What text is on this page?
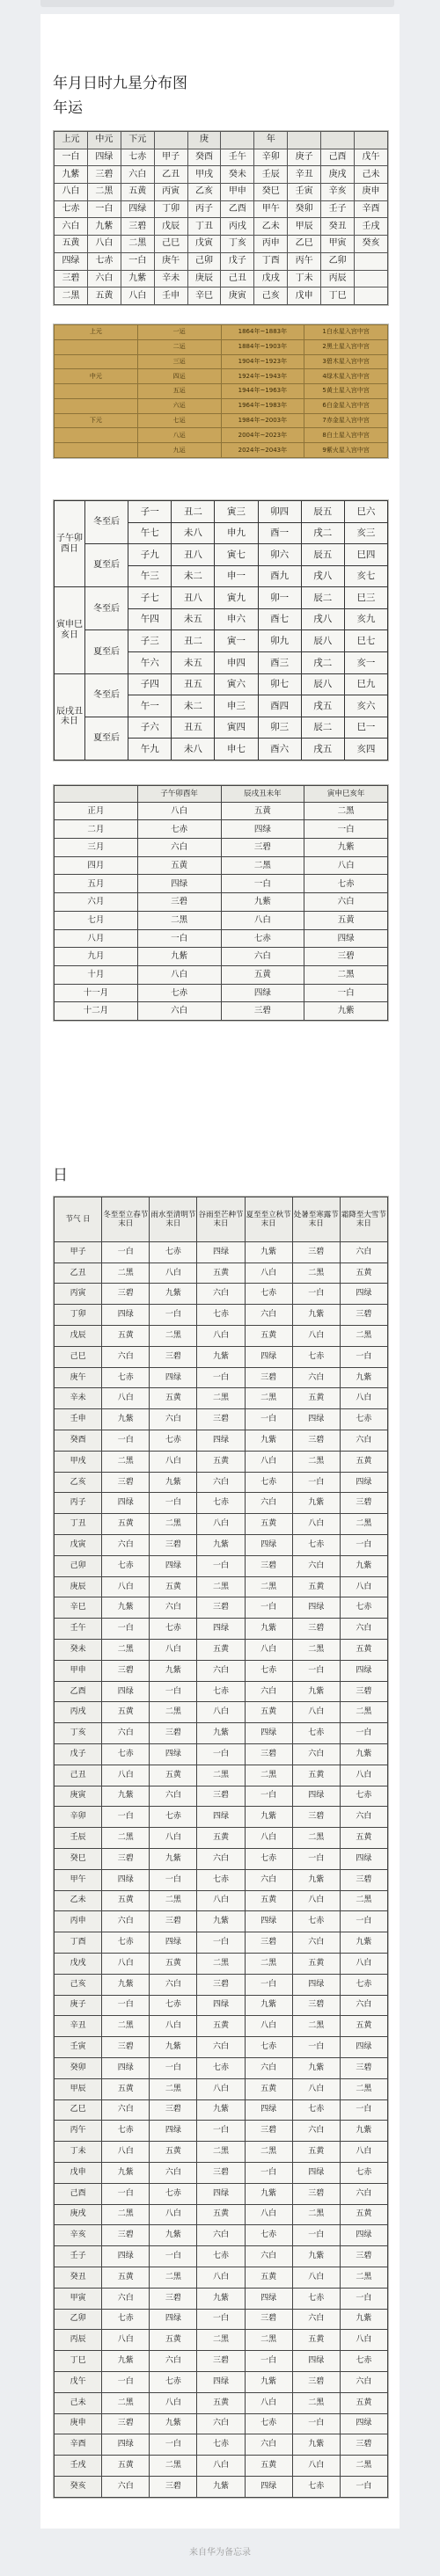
年月日时九星分布图
年运
上元	中元	下元		庚		年			
一白	四绿	七赤	甲子	癸酉	壬午	辛卯	庚子	己酉	戊午
九紫	三碧	六白	乙丑	甲戌	癸未	壬辰	辛丑	庚戌	己未
八白	二黑	五黄	丙寅	乙亥	甲申	癸巳	壬寅	辛亥	庚申
七赤	一白	四绿	丁卯	丙子	乙酉	甲午	癸卯	壬子	辛酉
六白	九紫	三碧	戊辰	丁丑	丙戌	乙未	甲辰	癸丑	壬戌
五黄	八白	二黑	己巳	戊寅	丁亥	丙申	乙巳	甲寅	癸亥
四绿	七赤	一白	庚午	己卯	戊子	丁酉	丙午	乙卯	
三碧	六白	九紫	辛未	庚辰	己丑	戊戌	丁未	丙辰	
二黑	五黄	八白	壬申	辛巳	庚寅	己亥	戊申	丁巳	
上元	一运	1864年~1883年	1白水星入宫中宫
	二运	1884年~1903年	2黑土星入宫中宫
	三运	1904年~1923年	3碧木星入宫中宫
中元	四运	1924年~1943年	4绿木星入宫中宫
	五运	1944年~1963年	5黄土星入宫中宫
	六运	1964年~1983年	6白金星入宫中宫
下元	七运	1984年~2003年	7赤金星入宫中宫
	八运	2004年~2023年	8白土星入宫中宫
	九运	2024年~2043年	9紫火星入宫中宫
子午卯酉日	冬至后	子一	丑二	寅三	卯四	辰五	巳六
		午七	未八	申九	酉一	戌二	亥三
	夏至后	子九	丑八	寅七	卯六	辰五	巳四
		午三	未二	申一	酉九	戌八	亥七
寅申巳亥日	冬至后	子七	丑八	寅九	卯一	辰二	巳三
		午四	未五	申六	酉七	戌八	亥九
	夏至后	子三	丑二	寅一	卯九	辰八	巳七
		午六	未五	申四	酉三	戌二	亥一
辰戌丑未日	冬至后	子四	丑五	寅六	卯七	辰八	巳九
		午一	未二	申三	酉四	戌五	亥六
	夏至后	子六	丑五	寅四	卯三	辰二	巳一
		午九	未八	申七	酉六	戌五	亥四
	子午卯酉年	辰戌丑未年	寅申巳亥年
正月	八白	五黄	二黑
二月	七赤	四绿	一白
三月	六白	三碧	九紫
四月	五黄	二黑	八白
五月	四绿	一白	七赤
六月	三碧	九紫	六白
七月	二黑	八白	五黄
八月	一白	七赤	四绿
九月	九紫	六白	三碧
十月	八白	五黄	二黑
十一月	七赤	四绿	一白
十二月	六白	三碧	九紫
日
节气 日	冬至至立春节末日	雨水至清明节末日	谷雨至芒种节末日	夏至至立秋节末日	处暑至寒露节末日	霜降至大雪节末日
甲子	一白	七赤	四绿	九紫	三碧	六白
乙丑	二黑	八白	五黄	八白	二黑	五黄
丙寅	三碧	九紫	六白	七赤	一白	四绿
丁卯	四绿	一白	七赤	六白	九紫	三碧
戊辰	五黄	二黑	八白	五黄	八白	二黑
己巳	六白	三碧	九紫	四绿	七赤	一白
庚午	七赤	四绿	一白	三碧	六白	九紫
辛未	八白	五黄	二黑	二黑	五黄	八白
壬申	九紫	六白	三碧	一白	四绿	七赤
癸酉	一白	七赤	四绿	九紫	三碧	六白
甲戌	二黑	八白	五黄	八白	二黑	五黄
乙亥	三碧	九紫	六白	七赤	一白	四绿
丙子	四绿	一白	七赤	六白	九紫	三碧
丁丑	五黄	二黑	八白	五黄	八白	二黑
戊寅	六白	三碧	九紫	四绿	七赤	一白
己卯	七赤	四绿	一白	三碧	六白	九紫
庚辰	八白	五黄	二黑	二黑	五黄	八白
辛巳	九紫	六白	三碧	一白	四绿	七赤
壬午	一白	七赤	四绿	九紫	三碧	六白
癸未	二黑	八白	五黄	八白	二黑	五黄
甲申	三碧	九紫	六白	七赤	一白	四绿
乙酉	四绿	一白	七赤	六白	九紫	三碧
丙戌	五黄	二黑	八白	五黄	八白	二黑
丁亥	六白	三碧	九紫	四绿	七赤	一白
戊子	七赤	四绿	一白	三碧	六白	九紫
己丑	八白	五黄	二黑	二黑	五黄	八白
庚寅	九紫	六白	三碧	一白	四绿	七赤
辛卯	一白	七赤	四绿	九紫	三碧	六白
壬辰	二黑	八白	五黄	八白	二黑	五黄
癸巳	三碧	九紫	六白	七赤	一白	四绿
甲午	四绿	一白	七赤	六白	九紫	三碧
乙未	五黄	二黑	八白	五黄	八白	二黑
丙申	六白	三碧	九紫	四绿	七赤	一白
丁酉	七赤	四绿	一白	三碧	六白	九紫
戊戌	八白	五黄	二黑	二黑	五黄	八白
己亥	九紫	六白	三碧	一白	四绿	七赤
庚子	一白	七赤	四绿	九紫	三碧	六白
辛丑	二黑	八白	五黄	八白	二黑	五黄
壬寅	三碧	九紫	六白	七赤	一白	四绿
癸卯	四绿	一白	七赤	六白	九紫	三碧
甲辰	五黄	二黑	八白	五黄	八白	二黑
乙巳	六白	三碧	九紫	四绿	七赤	一白
丙午	七赤	四绿	一白	三碧	六白	九紫
丁未	八白	五黄	二黑	二黑	五黄	八白
戊申	九紫	六白	三碧	一白	四绿	七赤
己酉	一白	七赤	四绿	九紫	三碧	六白
庚戌	二黑	八白	五黄	八白	二黑	五黄
辛亥	三碧	九紫	六白	七赤	一白	四绿
壬子	四绿	一白	七赤	六白	九紫	三碧
癸丑	五黄	二黑	八白	五黄	八白	二黑
甲寅	六白	三碧	九紫	四绿	七赤	一白
乙卯	七赤	四绿	一白	三碧	六白	九紫
丙辰	八白	五黄	二黑	二黑	五黄	八白
丁巳	九紫	六白	三碧	一白	四绿	七赤
戊午	一白	七赤	四绿	九紫	三碧	六白
己未	二黑	八白	五黄	八白	二黑	五黄
庚申	三碧	九紫	六白	七赤	一白	四绿
辛酉	四绿	一白	七赤	六白	九紫	三碧
壬戌	五黄	二黑	八白	五黄	八白	二黑
癸亥	六白	三碧	九紫	四绿	七赤	一白
来自华为备忘录
